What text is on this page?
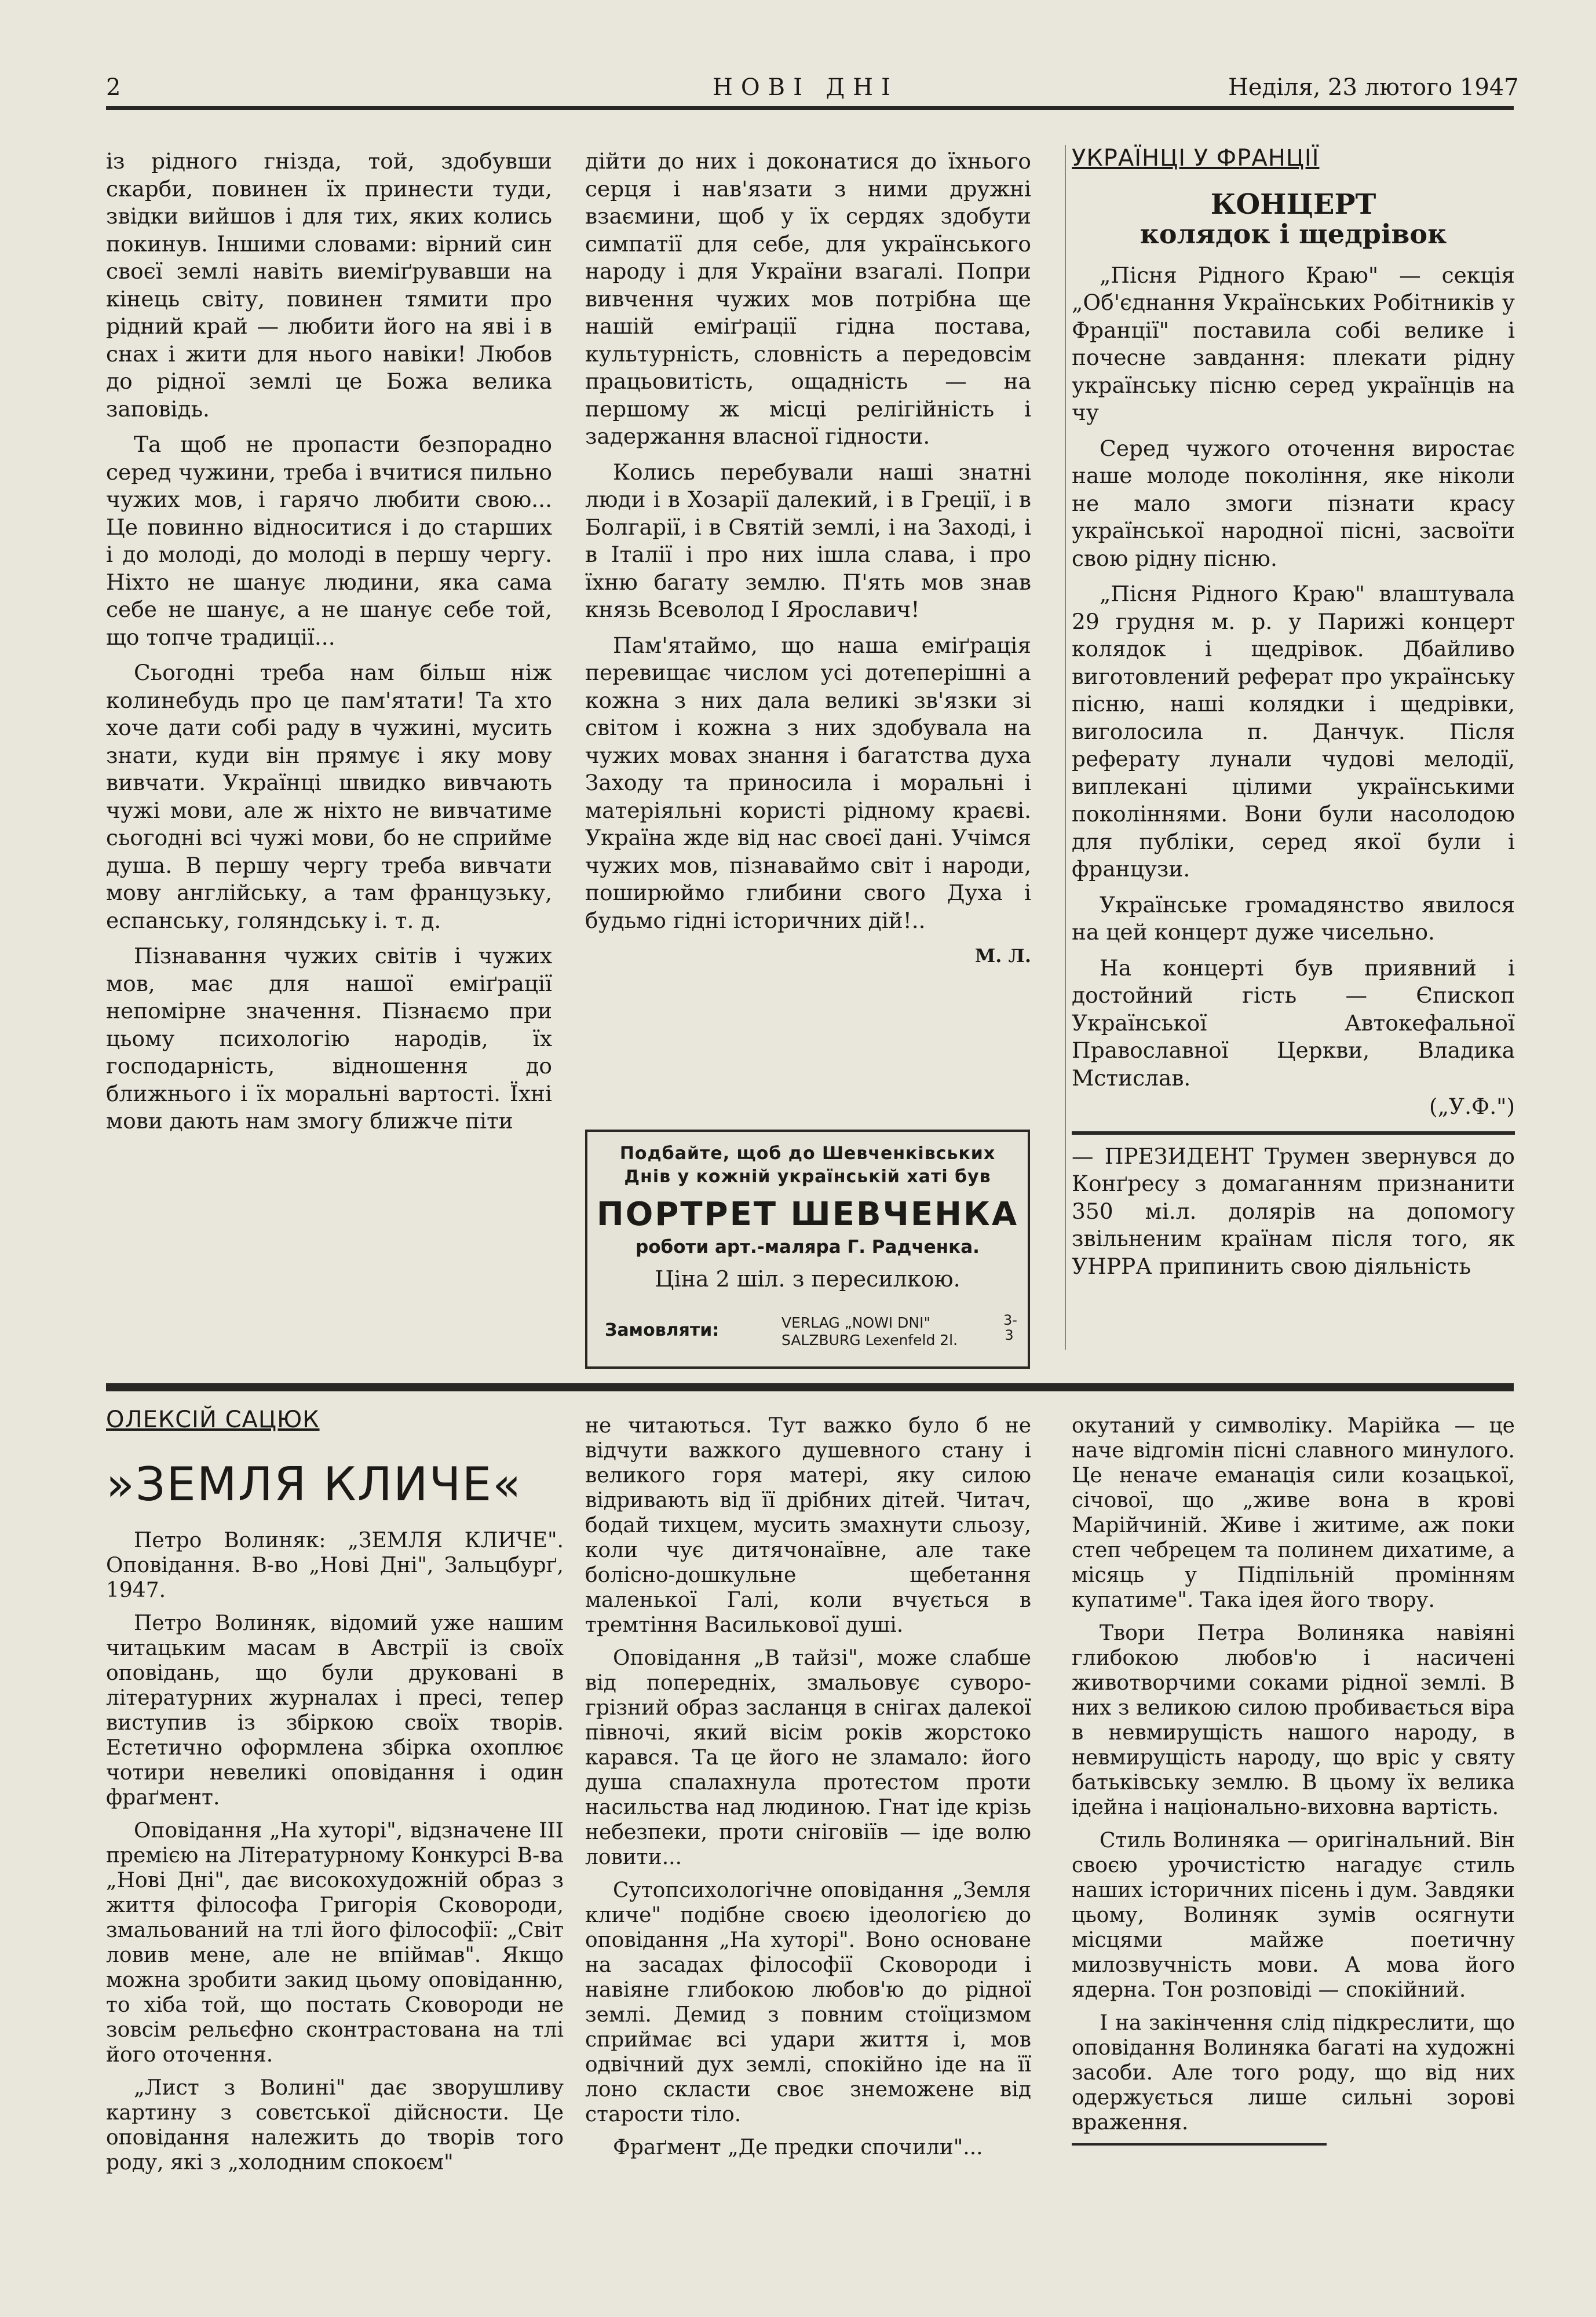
2	НОВІ ДНІ	Неділя, 23 лютого 1947

із рідного гнізда, той, здобувши скарби, повинен їх принести туди, звідки вийшов і для тих, яких колись покинув. Іншими словами: вірний син своєї землі навіть виеміґрувавши на кінець світу, повинен тямити про рідний край — любити його на яві і в снах і жити для нього навіки! Любов до рідної землі це Божа велика заповідь.

Та щоб не пропасти безпорадно серед чужини, треба і вчитися пильно чужих мов, і гарячо любити свою... Це повинно відноситися і до старших і до молоді, до молоді в першу чергу. Ніхто не шанує людини, яка сама себе не шанує, а не шанує себе той, що топче традиції...

Сьогодні треба нам більш ніж колинебудь про це пам'ятати! Та хто хоче дати собі раду в чужині, мусить знати, куди він прямує і яку мову вивчати. Українці швидко вивчають чужі мови, але ж ніхто не вивчатиме сьогодні всі чужі мови, бо не сприйме душа. В першу чергу треба вивчати мову англійську, а там французьку, еспанську, голяндську і. т. д.

Пізнавання чужих світів і чужих мов, має для нашої еміґрації непомірне значення. Пізнаємо при цьому психологію народів, їх господарність, відношення до ближнього і їх моральні вартості. Їхні мови дають нам змогу ближче піти

дійти до них і доконатися до їхнього серця і нав'язати з ними дружні взаємини, щоб у їх сердях здобути симпатії для себе, для українського народу і для України взагалі. Попри вивчення чужих мов потрібна ще нашій еміґрації гідна постава, культурність, словність а передовсім працьовитість, ощадність — на першому ж місці релігійність і задержання власної гідности.

Колись перебували наші знатні люди і в Хозарії далекий, і в Греції, і в Болгарії, і в Святій землі, і на Заході, і в Італії і про них ішла слава, і про їхню багату землю. П'ять мов знав князь Всеволод І Ярославич!

Пам'ятаймо, що наша еміґрація перевищає числом усі дотеперішні а кожна з них дала великі зв'язки зі світом і кожна з них здобувала на чужих мовах знання і багатства духа Заходу та приносила і моральні і матеріяльні користі рідному краєві. Україна жде від нас своєї дані. Учімся чужих мов, пізнаваймо світ і народи, поширюймо глибини свого Духа і будьмо гідні історичних дій!..

М. Л.
Подбайте, щоб до Шевченківських
Днів у кожній українській хаті був
ПОРТРЕТ ШЕВЧЕНКА
роботи арт.-маляра Г. Радченка.
Ціна 2 шіл. з пересилкою.
Замовляти:	VERLAG „NOWI DNI"
SALZBURG Lexenfeld 2l.
3-3
УКРАЇНЦІ У ФРАНЦІЇ
КОНЦЕРТ
колядок і щедрівок

„Пісня Рідного Краю" — секція „Об'єднання Українських Робітників у Франції" поставила собі велике і почесне завдання: плекати рідну українську пісню серед українців на чу

Серед чужого оточення виростає наше молоде покоління, яке ніколи не мало змоги пізнати красу української народної пісні, засвоїти свою рідну пісню.

„Пісня Рідного Краю" влаштувала 29 грудня м. р. у Парижі концерт колядок і щедрівок. Дбайливо виготовлений реферат про українську пісню, наші колядки і щедрівки, виголосила п. Данчук. Після реферату лунали чудові мелодії, виплекані цілими українськими поколіннями. Вони були насолодою для публіки, серед якої були і французи.

Українське громадянство явилося на цей концерт дуже чисельно.

На концерті був приявний і достойний гість — Єпископ Української Автокефальної Православної Церкви, Владика Мстислав.

(„У.Ф.")

— ПРЕЗИДЕНТ Трумен звернувся до Конґресу з домаганням признанити 350 мі.л. долярів на допомогу звільненим країнам після того, як УНРРА припинить свою діяльність

ОЛЕКСІЙ САЦЮК
»ЗЕМЛЯ КЛИЧЕ«

Петро Волиняк: „ЗЕМЛЯ КЛИЧЕ". Оповідання. В-во „Нові Дні", Зальцбурґ, 1947.

Петро Волиняк, відомий уже нашим читацьким масам в Австрії із своїх оповідань, що були друковані в літературних журналах і пресі, тепер виступив із збіркою своїх творів. Естетично оформлена збірка охоплює чотири невеликі оповідання і один фраґмент.

Оповідання „На хуторі", відзначене III премією на Літературному Конкурсі В-ва „Нові Дні", дає високохудожній образ з життя філософа Григорія Сковороди, змальований на тлі його філософії: „Світ ловив мене, але не впіймав". Якщо можна зробити закид цьому оповіданню, то хіба той, що постать Сковороди не зовсім рельєфно сконтрастована на тлі його оточення.

„Лист з Волині" дає зворушливу картину з совєтської дійсности. Це оповідання належить до творів того роду, які з „холодним спокоєм"

не читаються. Тут важко було б не відчути важкого душевного стану і великого горя матері, яку силою відривають від її дрібних дітей. Читач, бодай тихцем, мусить змахнути сльозу, коли чує дитячонаївне, але таке болісно-дошкульне щебетання маленької Галі, коли вчується в тремтіння Василькової душі.

Оповідання „В тайзі", може слабше від попередніх, змальовує суворо-грізний образ засланця в снігах далекої півночі, який вісім років жорстоко карався. Та це його не зламало: його душа спалахнула протестом проти насильства над людиною. Гнат іде крізь небезпеки, проти сніговіїв — іде волю ловити...

Сутопсихологічне оповідання „Земля кличе" подібне своєю ідеологією до оповідання „На хуторі". Воно основане на засадах філософії Сковороди і навіяне глибокою любов'ю до рідної землі. Демид з повним стоїцизмом сприймає всі удари життя і, мов одвічний дух землі, спокійно іде на її лоно скласти своє знеможене від старости тіло.

Фраґмент „Де предки спочили"...

окутаний у символіку. Марійка — це наче відгомін пісні славного минулого. Це неначе еманація сили козацької, січової, що „живе вона в крові Марійчиній. Живе і житиме, аж поки степ чебрецем та полинем дихатиме, а місяць у Підпільній промінням купатиме". Така ідея його твору.

Твори Петра Волиняка навіяні глибокою любов'ю і насичені животворчими соками рідної землі. В них з великою силою пробивається віра в невмирущість нашого народу, в невмирущість народу, що вріс у святу батьківську землю. В цьому їх велика ідейна і національно-виховна вартість.

Стиль Волиняка — оригінальний. Він своєю урочистістю нагадує стиль наших історичних пісень і дум. Завдяки цьому, Волиняк зумів осягнути місцями майже поетичну милозвучність мови. А мова його ядерна. Тон розповіді — спокійний.

І на закінчення слід підкреслити, що оповідання Волиняка багаті на художні засоби. Але того роду, що від них одержується лише сильні зорові враження.
